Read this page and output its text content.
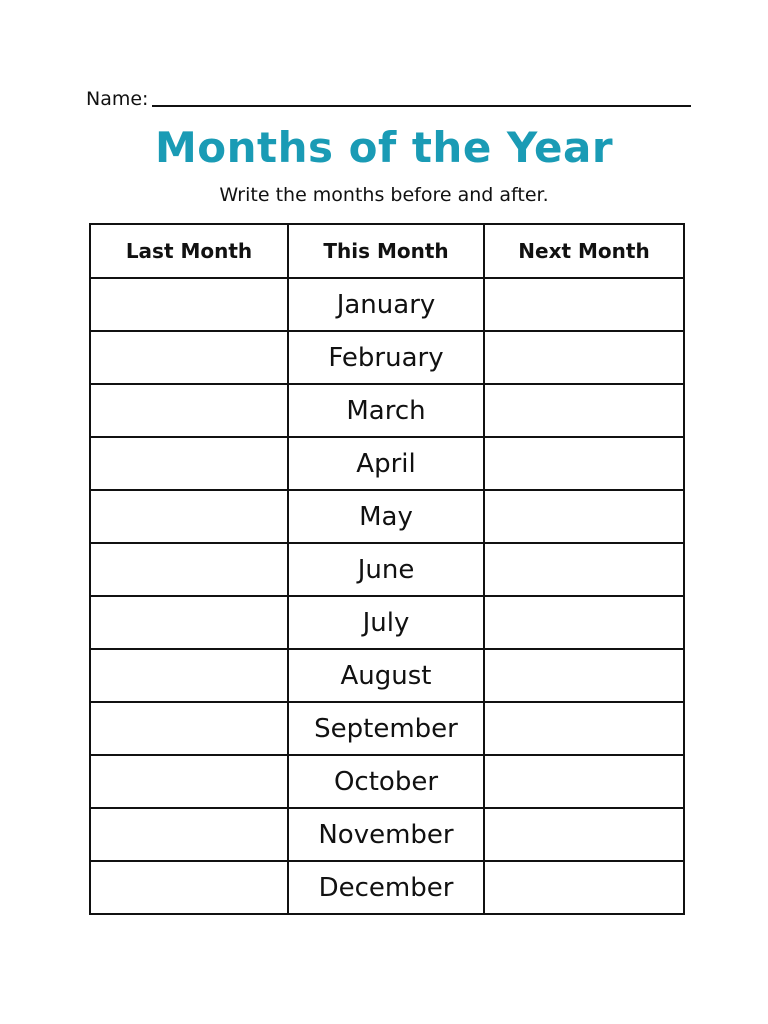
Name:
Months of the Year
Write the months before and after.
Last Month	This Month	Next Month
	January	
	February	
	March	
	April	
	May	
	June	
	July	
	August	
	September	
	October	
	November	
	December	
